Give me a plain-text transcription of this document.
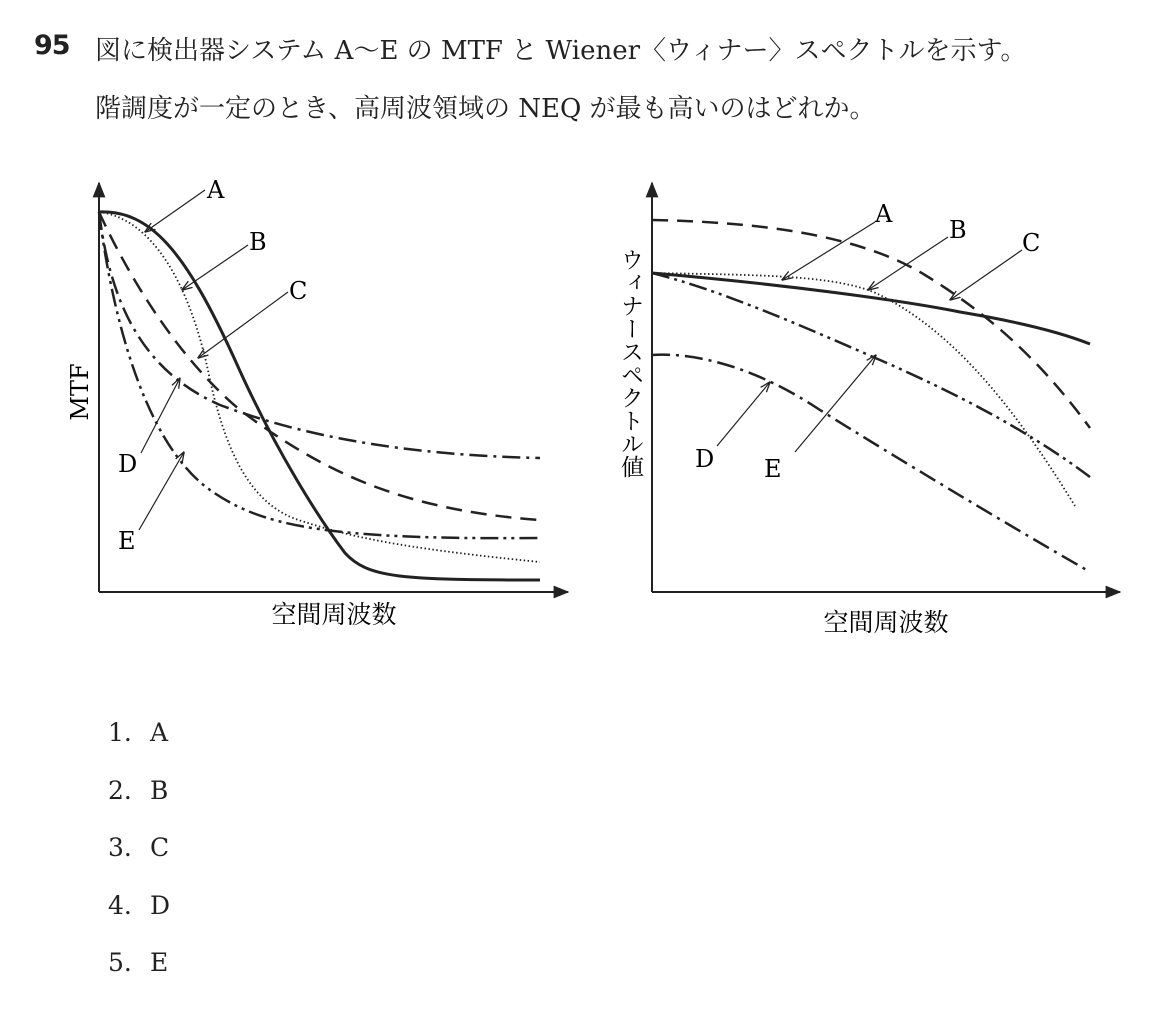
95 図に検出器システム A〜E の MTF と Wiener〈ウィナー〉スペクトルを示す。
階調度が一定のとき、高周波領域の NEQ が最も高いのはどれか。
A
B
C
D
E
MTF
空間周波数
A
B C
D E
ウィナースペクトル値
空間周波数
1. A
2. B
3. C
4. D
5. E
